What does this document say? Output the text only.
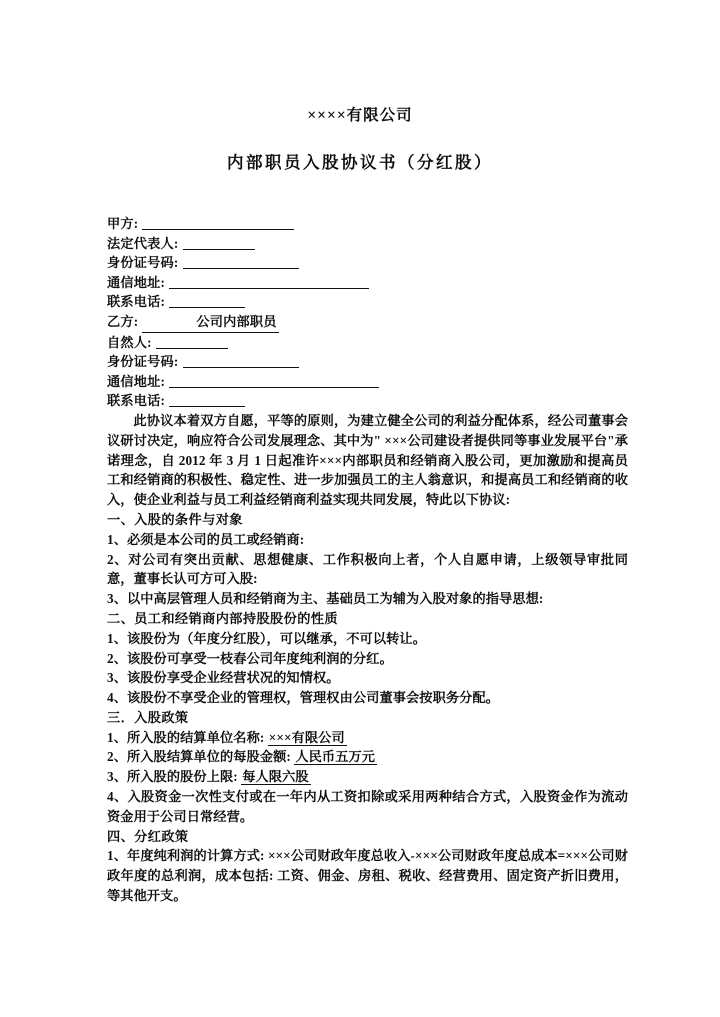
××××有限公司
内部职员入股协议书（分红股）
甲方:
法定代表人:
身份证号码:
通信地址:
联系电话:
乙方:	公司内部职员
自然人:
身份证号码:
通信地址:
联系电话:

此协议本着双方自愿，平等的原则，为建立健全公司的利益分配体系，经公司董事会议研讨决定，响应符合公司发展理念、其中为" ×××公司建设者提供同等事业发展平台"承诺理念，自 2012 年 3 月 1 日起准许×××内部职员和经销商入股公司，更加激励和提高员工和经销商的积极性、稳定性、进一步加强员工的主人翁意识，和提高员工和经销商的收入，使企业利益与员工利益经销商利益实现共同发展，特此以下协议:

一、入股的条件与对象

1、必须是本公司的员工或经销商:

2、对公司有突出贡献、思想健康、工作积极向上者，个人自愿申请，上级领导审批同意，董事长认可方可入股:

3、以中高层管理人员和经销商为主、基础员工为辅为入股对象的指导思想:

二、员工和经销商内部持股股份的性质

1、该股份为（年度分红股），可以继承，不可以转让。

2、该股份可享受一枝春公司年度纯利润的分红。

3、该股份享受企业经营状况的知情权。

4、该股份不享受企业的管理权，管理权由公司董事会按职务分配。

三．入股政策

1、所入股的结算单位名称: ×××有限公司

2、所入股结算单位的每股金额: 人民币五万元

3、所入股的股份上限: 每人限六股

4、入股资金一次性支付或在一年内从工资扣除或采用两种结合方式，入股资金作为流动资金用于公司日常经营。

四、分红政策

1、年度纯利润的计算方式: ×××公司财政年度总收入-×××公司财政年度总成本=×××公司财政年度的总利润，成本包括: 工资、佣金、房租、税收、经营费用、固定资产折旧费用，等其他开支。
